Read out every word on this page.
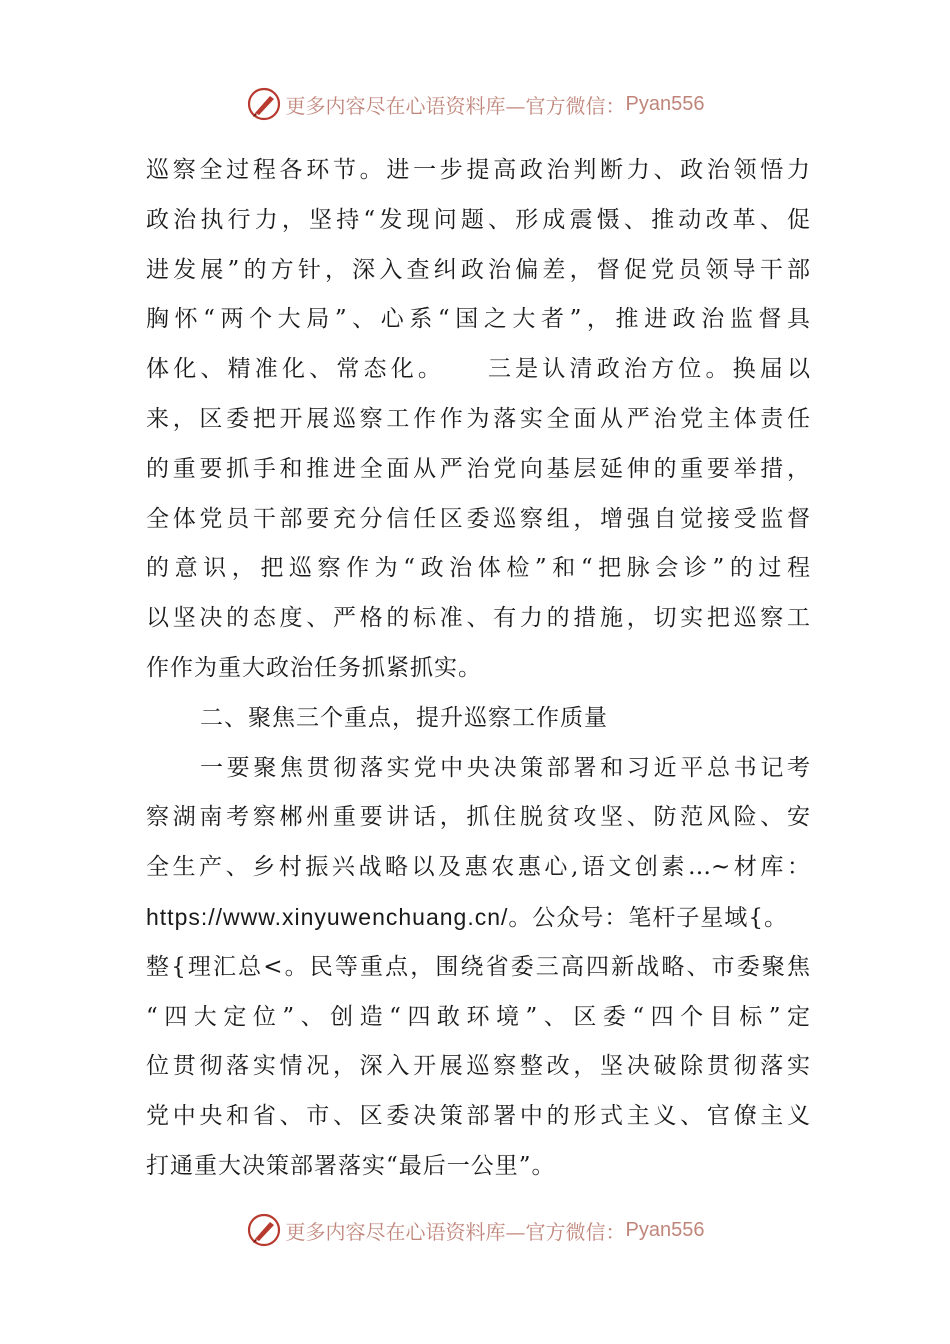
更多内容尽在心语资料库—官方微信： Pyan556
巡察全过程各环节。进一步提高政治判断力、政治领悟力
政治执行力，坚持“发现问题、形成震慑、推动改革、促
进发展”的方针，深入查纠政治偏差，督促党员领导干部
胸怀“两个大局”、心系“国之大者”，推进政治监督具
体化、精准化、常态化。　　三是认清政治方位。换届以
来，区委把开展巡察工作作为落实全面从严治党主体责任
的重要抓手和推进全面从严治党向基层延伸的重要举措，
全体党员干部要充分信任区委巡察组，增强自觉接受监督
的意识，把巡察作为“政治体检”和“把脉会诊”的过程
以坚决的态度、严格的标准、有力的措施，切实把巡察工
作作为重大政治任务抓紧抓实。
二、聚焦三个重点，提升巡察工作质量
一要聚焦贯彻落实党中央决策部署和习近平总书记考
察湖南考察郴州重要讲话，抓住脱贫攻坚、防范风险、安
全生产、乡村振兴战略以及惠农惠心,语文创素…~材库：
https://www.xinyuwenchuang.cn/。公众号：笔杆子星域{。
整{理汇总<。民等重点，围绕省委三高四新战略、市委聚焦
“四大定位”、创造“四敢环境”、区委“四个目标”定
位贯彻落实情况，深入开展巡察整改，坚决破除贯彻落实
党中央和省、市、区委决策部署中的形式主义、官僚主义
打通重大决策部署落实“最后一公里”。
更多内容尽在心语资料库—官方微信： Pyan556
